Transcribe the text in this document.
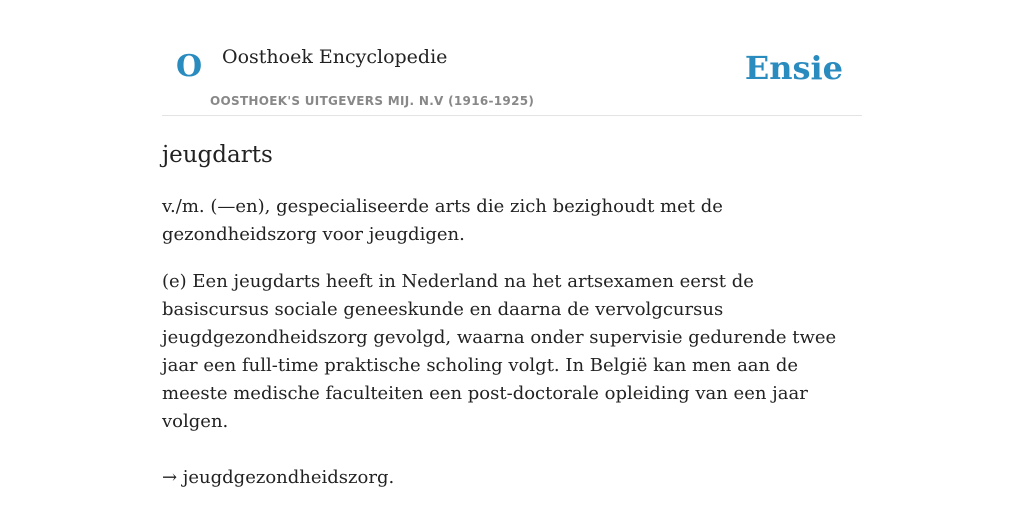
O Oosthoek Encyclopedie
OOSTHOEK'S UITGEVERS MIJ. N.V (1916-1925)
Ensie
jeugdarts

v./m. (—en), gespecialiseerde arts die zich bezighoudt met de gezondheidszorg voor jeugdigen.

(e) Een jeugdarts heeft in Nederland na het artsexamen eerst de basiscursus sociale geneeskunde en daarna de vervolgcursus jeugdgezondheidszorg gevolgd, waarna onder supervisie gedurende twee jaar een full-time praktische scholing volgt. In België kan men aan de meeste medische faculteiten een post-doctorale opleiding van een jaar volgen.

→ jeugdgezondheidszorg.
